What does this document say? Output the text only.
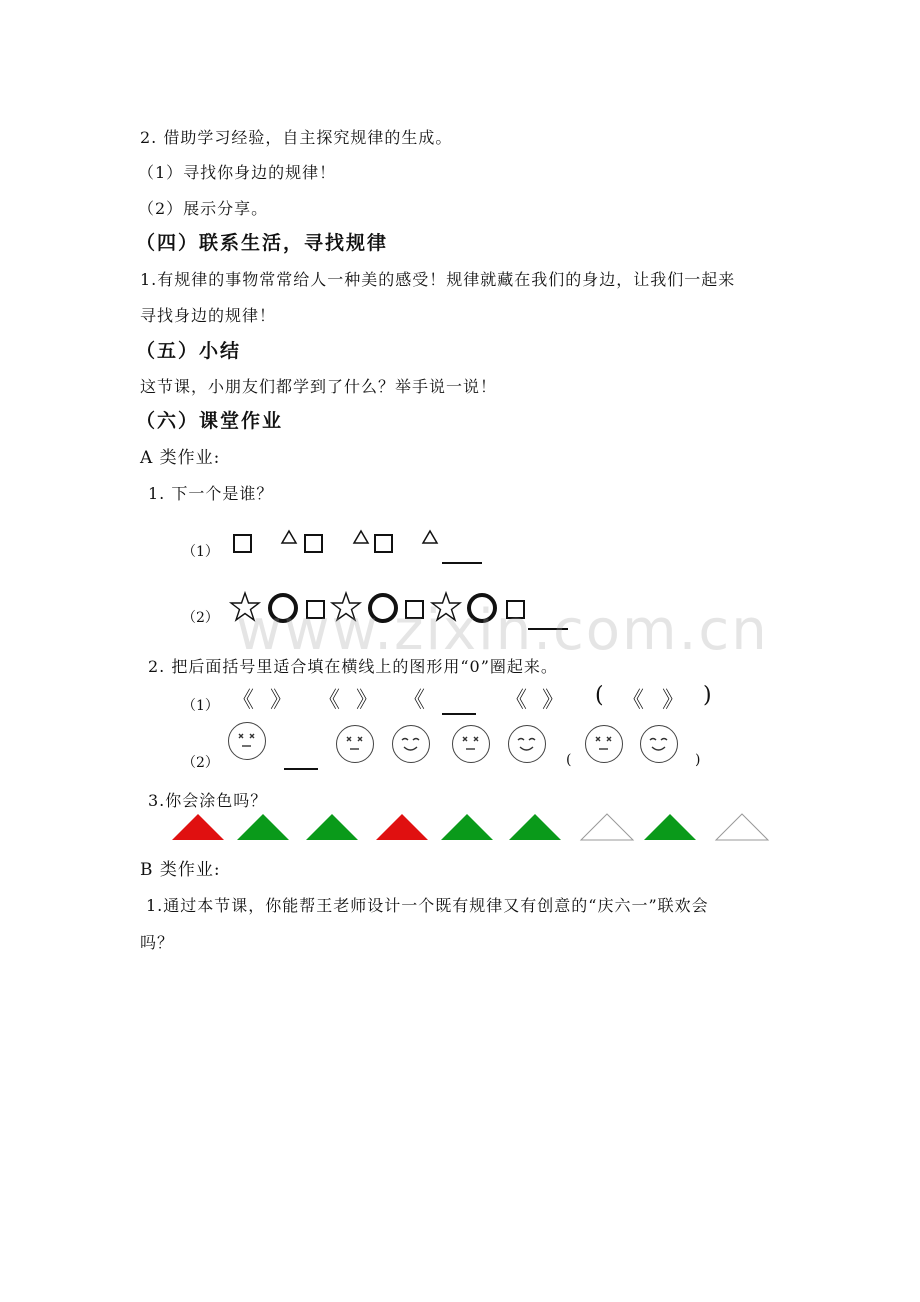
2. 借助学习经验，自主探究规律的生成。
（1）寻找你身边的规律！
（2）展示分享。
（四）联系生活，寻找规律
1.有规律的事物常常给人一种美的感受！规律就藏在我们的身边，让我们一起来
寻找身边的规律！
（五）小结
这节课，小朋友们都学到了什么？举手说一说！
（六）课堂作业
A 类作业:
1. 下一个是谁？
（1）
（2） www.zixin.com.cn
2. 把后面括号里适合填在横线上的图形用“0”圈起来。
（1） 《 》 《 》 《	《 》 ( 《 》 )
（2）	(	)
3.你会涂色吗？
B 类作业:
1.通过本节课，你能帮王老师设计一个既有规律又有创意的“庆六一”联欢会
吗？
